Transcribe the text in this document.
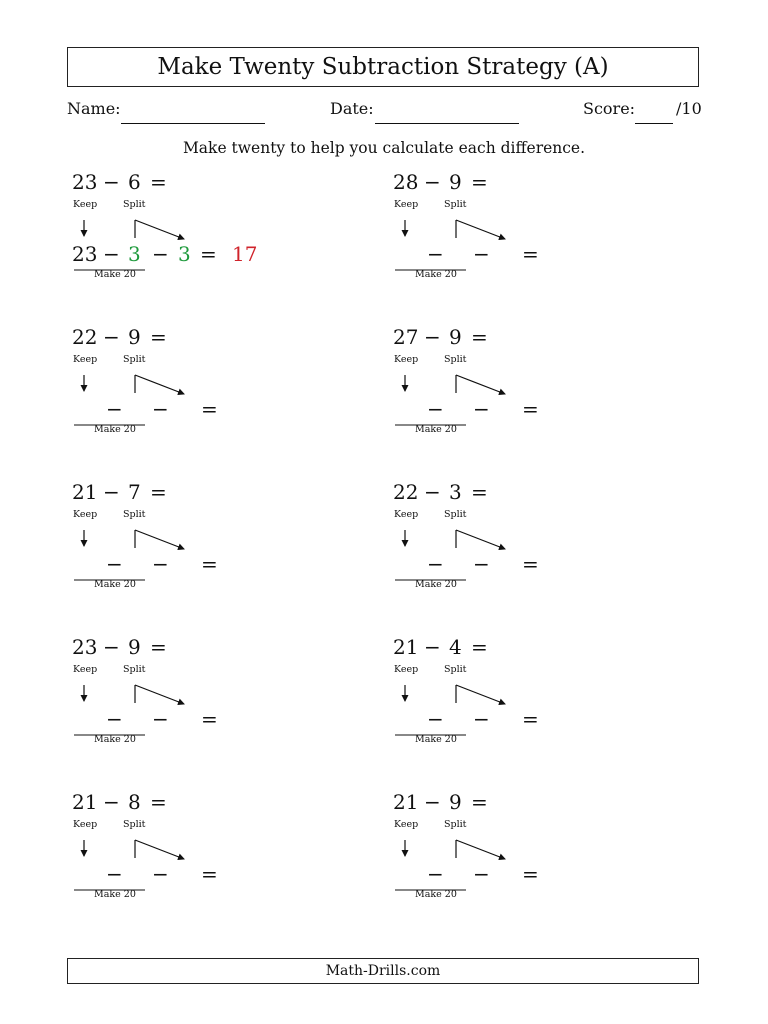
Make Twenty Subtraction Strategy (A)
Name:	Date:	Score:	/10
Make twenty to help you calculate each difference.
23 − 6 =
Keep	Split
23 − 3 − 3 = 17
Make 20
28 − 9 =
Keep	Split
− − =
Make 20
22 − 9 =
Keep	Split
− − =
Make 20
27 − 9 =
Keep	Split
− − =
Make 20
21 − 7 =
Keep	Split
− − =
Make 20
22 − 3 =
Keep	Split
− − =
Make 20
23 − 9 =
Keep	Split
− − =
Make 20
21 − 4 =
Keep	Split
− − =
Make 20
21 − 8 =
Keep	Split
− − =
Make 20
21 − 9 =
Keep	Split
− − =
Make 20
Math-Drills.com
